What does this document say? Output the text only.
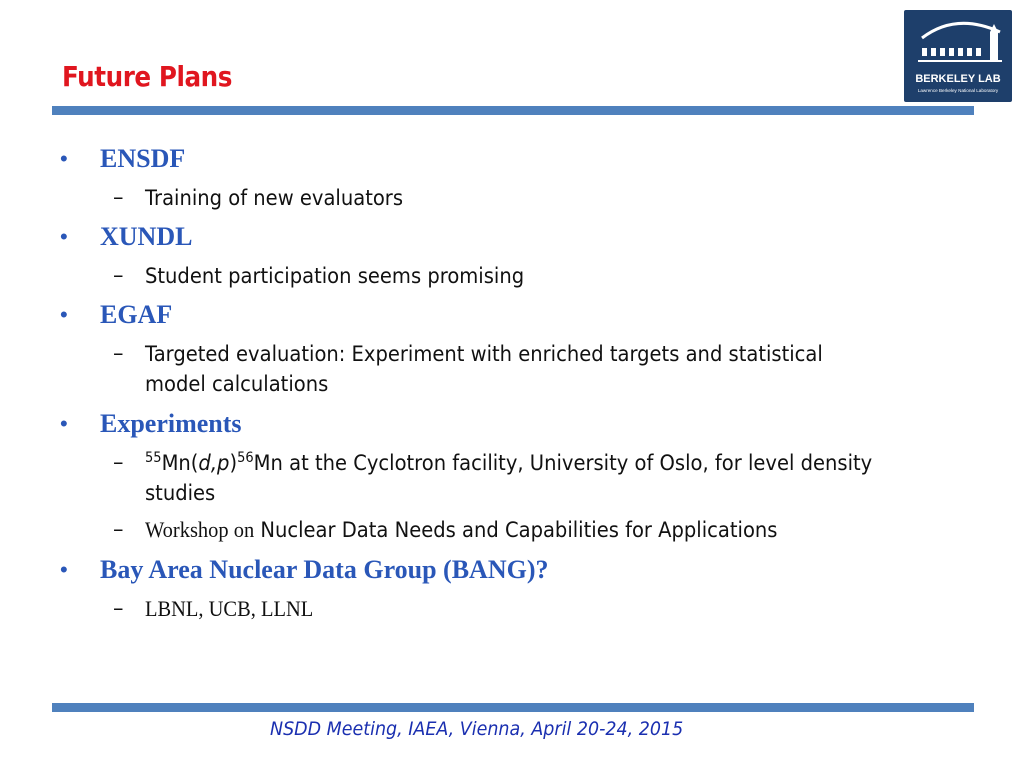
Future Plans	BERKELEY LAB
Lawrence Berkeley National Laboratory
• ENSDF
– Training of new evaluators
• XUNDL
– Student participation seems promising
• EGAF
– Targeted evaluation: Experiment with enriched targets and statistical model calculations
• Experiments
– $^{55}Mn(d,p)^{56}Mn$ at the Cyclotron facility, University of Oslo, for level density studies
– Workshop on Nuclear Data Needs and Capabilities for Applications
• Bay Area Nuclear Data Group (BANG)?
– LBNL, UCB, LLNL
NSDD Meeting, IAEA, Vienna, April 20-24, 2015
